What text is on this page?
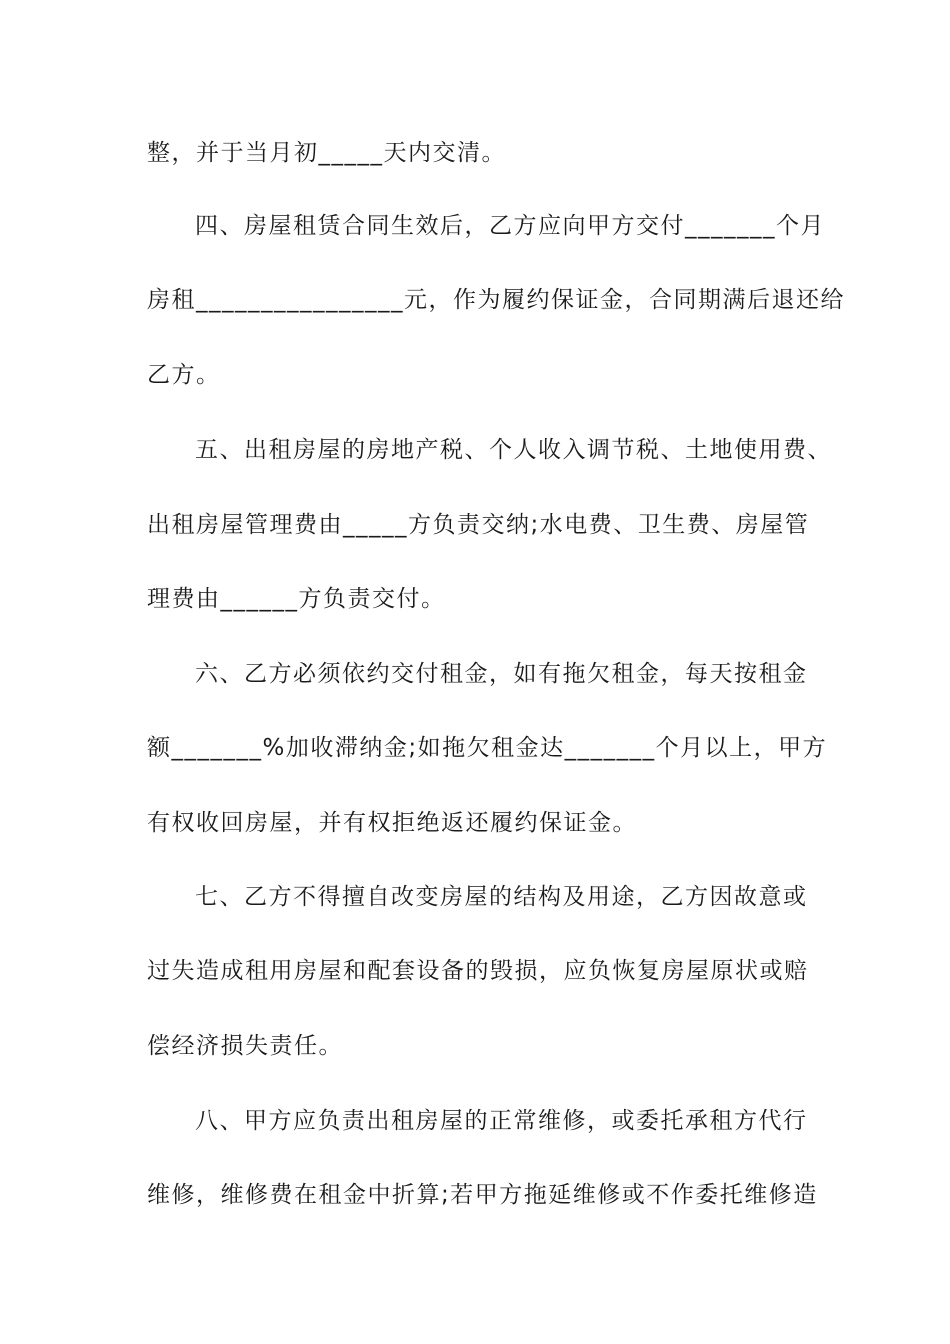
整，并于当月初_____天内交清。
四、房屋租赁合同生效后，乙方应向甲方交付_______个月
房租________________元，作为履约保证金，合同期满后退还给
乙方。
五、出租房屋的房地产税、个人收入调节税、土地使用费、
出租房屋管理费由_____方负责交纳;水电费、卫生费、房屋管
理费由______方负责交付。
六、乙方必须依约交付租金，如有拖欠租金，每天按租金
额_______%加收滞纳金;如拖欠租金达_______个月以上，甲方
有权收回房屋，并有权拒绝返还履约保证金。
七、乙方不得擅自改变房屋的结构及用途，乙方因故意或
过失造成租用房屋和配套设备的毁损，应负恢复房屋原状或赔
偿经济损失责任。
八、甲方应负责出租房屋的正常维修，或委托承租方代行
维修，维修费在租金中折算;若甲方拖延维修或不作委托维修造
